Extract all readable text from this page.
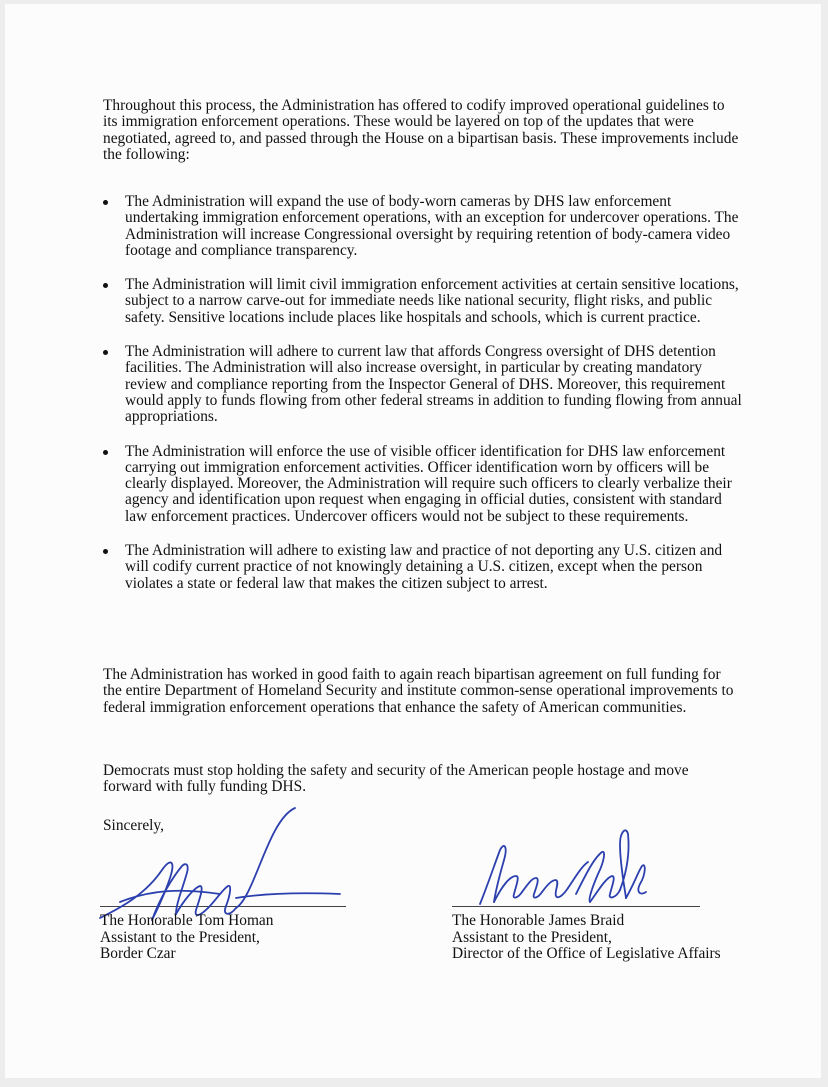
Throughout this process, the Administration has offered to codify improved operational guidelines to its immigration enforcement operations. These would be layered on top of the updates that were negotiated, agreed to, and passed through the House on a bipartisan basis. These improvements include the following:
The Administration will expand the use of body-worn cameras by DHS law enforcement undertaking immigration enforcement operations, with an exception for undercover operations. The Administration will increase Congressional oversight by requiring retention of body-camera video footage and compliance transparency.
The Administration will limit civil immigration enforcement activities at certain sensitive locations, subject to a narrow carve-out for immediate needs like national security, flight risks, and public safety. Sensitive locations include places like hospitals and schools, which is current practice.
The Administration will adhere to current law that affords Congress oversight of DHS detention facilities. The Administration will also increase oversight, in particular by creating mandatory review and compliance reporting from the Inspector General of DHS. Moreover, this requirement would apply to funds flowing from other federal streams in addition to funding flowing from annual appropriations.
The Administration will enforce the use of visible officer identification for DHS law enforcement carrying out immigration enforcement activities. Officer identification worn by officers will be clearly displayed. Moreover, the Administration will require such officers to clearly verbalize their agency and identification upon request when engaging in official duties, consistent with standard law enforcement practices. Undercover officers would not be subject to these requirements.
The Administration will adhere to existing law and practice of not deporting any U.S. citizen and will codify current practice of not knowingly detaining a U.S. citizen, except when the person violates a state or federal law that makes the citizen subject to arrest.
The Administration has worked in good faith to again reach bipartisan agreement on full funding for the entire Department of Homeland Security and institute common-sense operational improvements to federal immigration enforcement operations that enhance the safety of American communities.
Democrats must stop holding the safety and security of the American people hostage and move forward with fully funding DHS.
Sincerely,
The Honorable Tom Homan
Assistant to the President,
Border Czar
The Honorable James Braid
Assistant to the President,
Director of the Office of Legislative Affairs
